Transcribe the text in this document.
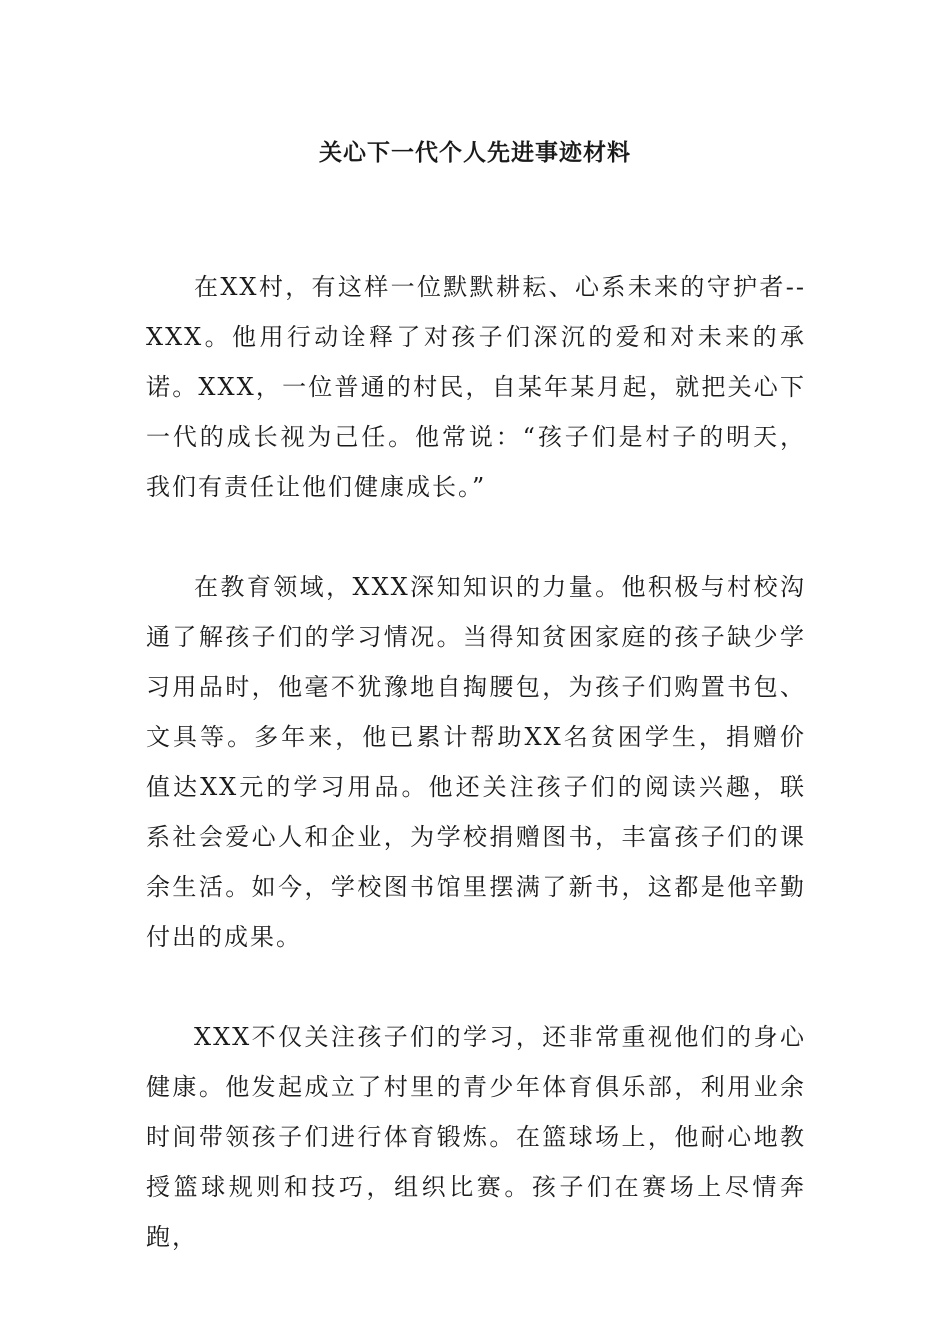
关心下一代个人先进事迹材料

在XX村，有这样一位默默耕耘、心系未来的守护者--XXX。他用行动诠释了对孩子们深沉的爱和对未来的承诺。XXX，一位普通的村民，自某年某月起，就把关心下一代的成长视为己任。他常说：“孩子们是村子的明天，我们有责任让他们健康成长。”

在教育领域，XXX深知知识的力量。他积极与村校沟通了解孩子们的学习情况。当得知贫困家庭的孩子缺少学习用品时，他毫不犹豫地自掏腰包，为孩子们购置书包、文具等。多年来，他已累计帮助XX名贫困学生，捐赠价值达XX元的学习用品。他还关注孩子们的阅读兴趣，联系社会爱心人和企业，为学校捐赠图书，丰富孩子们的课余生活。如今，学校图书馆里摆满了新书，这都是他辛勤付出的成果。

XXX不仅关注孩子们的学习，还非常重视他们的身心健康。他发起成立了村里的青少年体育俱乐部，利用业余时间带领孩子们进行体育锻炼。在篮球场上，他耐心地教授篮球规则和技巧，组织比赛。孩子们在赛场上尽情奔跑，
